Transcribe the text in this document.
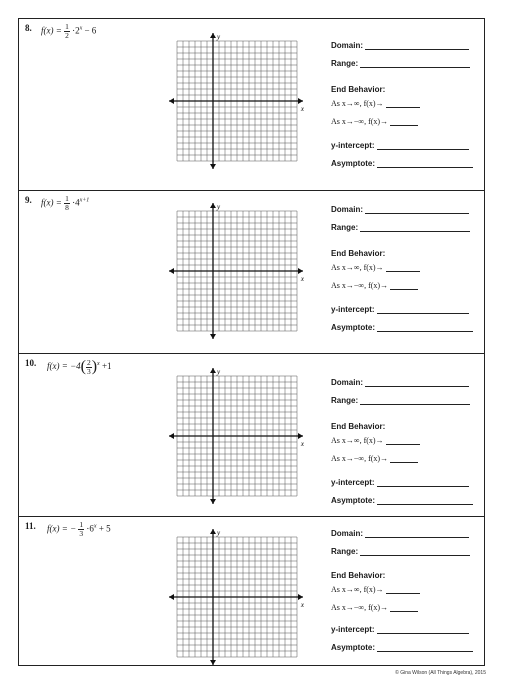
8. $f(x) = \frac{1}{2} \cdot 2^x - 6$
x
y
Domain:
Range:
End Behavior:
As x→∞, f(x)→
As x→−∞, f(x)→
y-intercept:
Asymptote:
9. $f(x) = \frac{1}{8} \cdot 4^{x+1}$
x
y	Domain:
Range:
End Behavior:
As x→∞, f(x)→
As x→−∞, f(x)→
y-intercept:
Asymptote:
10. $f(x) = -4( \frac{2}{3} )^x +1$
x
y
Domain:
Range:
End Behavior:
As x→∞, f(x)→
As x→−∞, f(x)→
y-intercept:
Asymptote:
11. f(x) = − $\frac{1}{3} \cdot 6^x + 5$
x
y	Domain:
Range:
End Behavior:
As x→∞, f(x)→
As x→−∞, f(x)→
y-intercept:
Asymptote:
© Gina Wilson (All Things Algebra), 2015
